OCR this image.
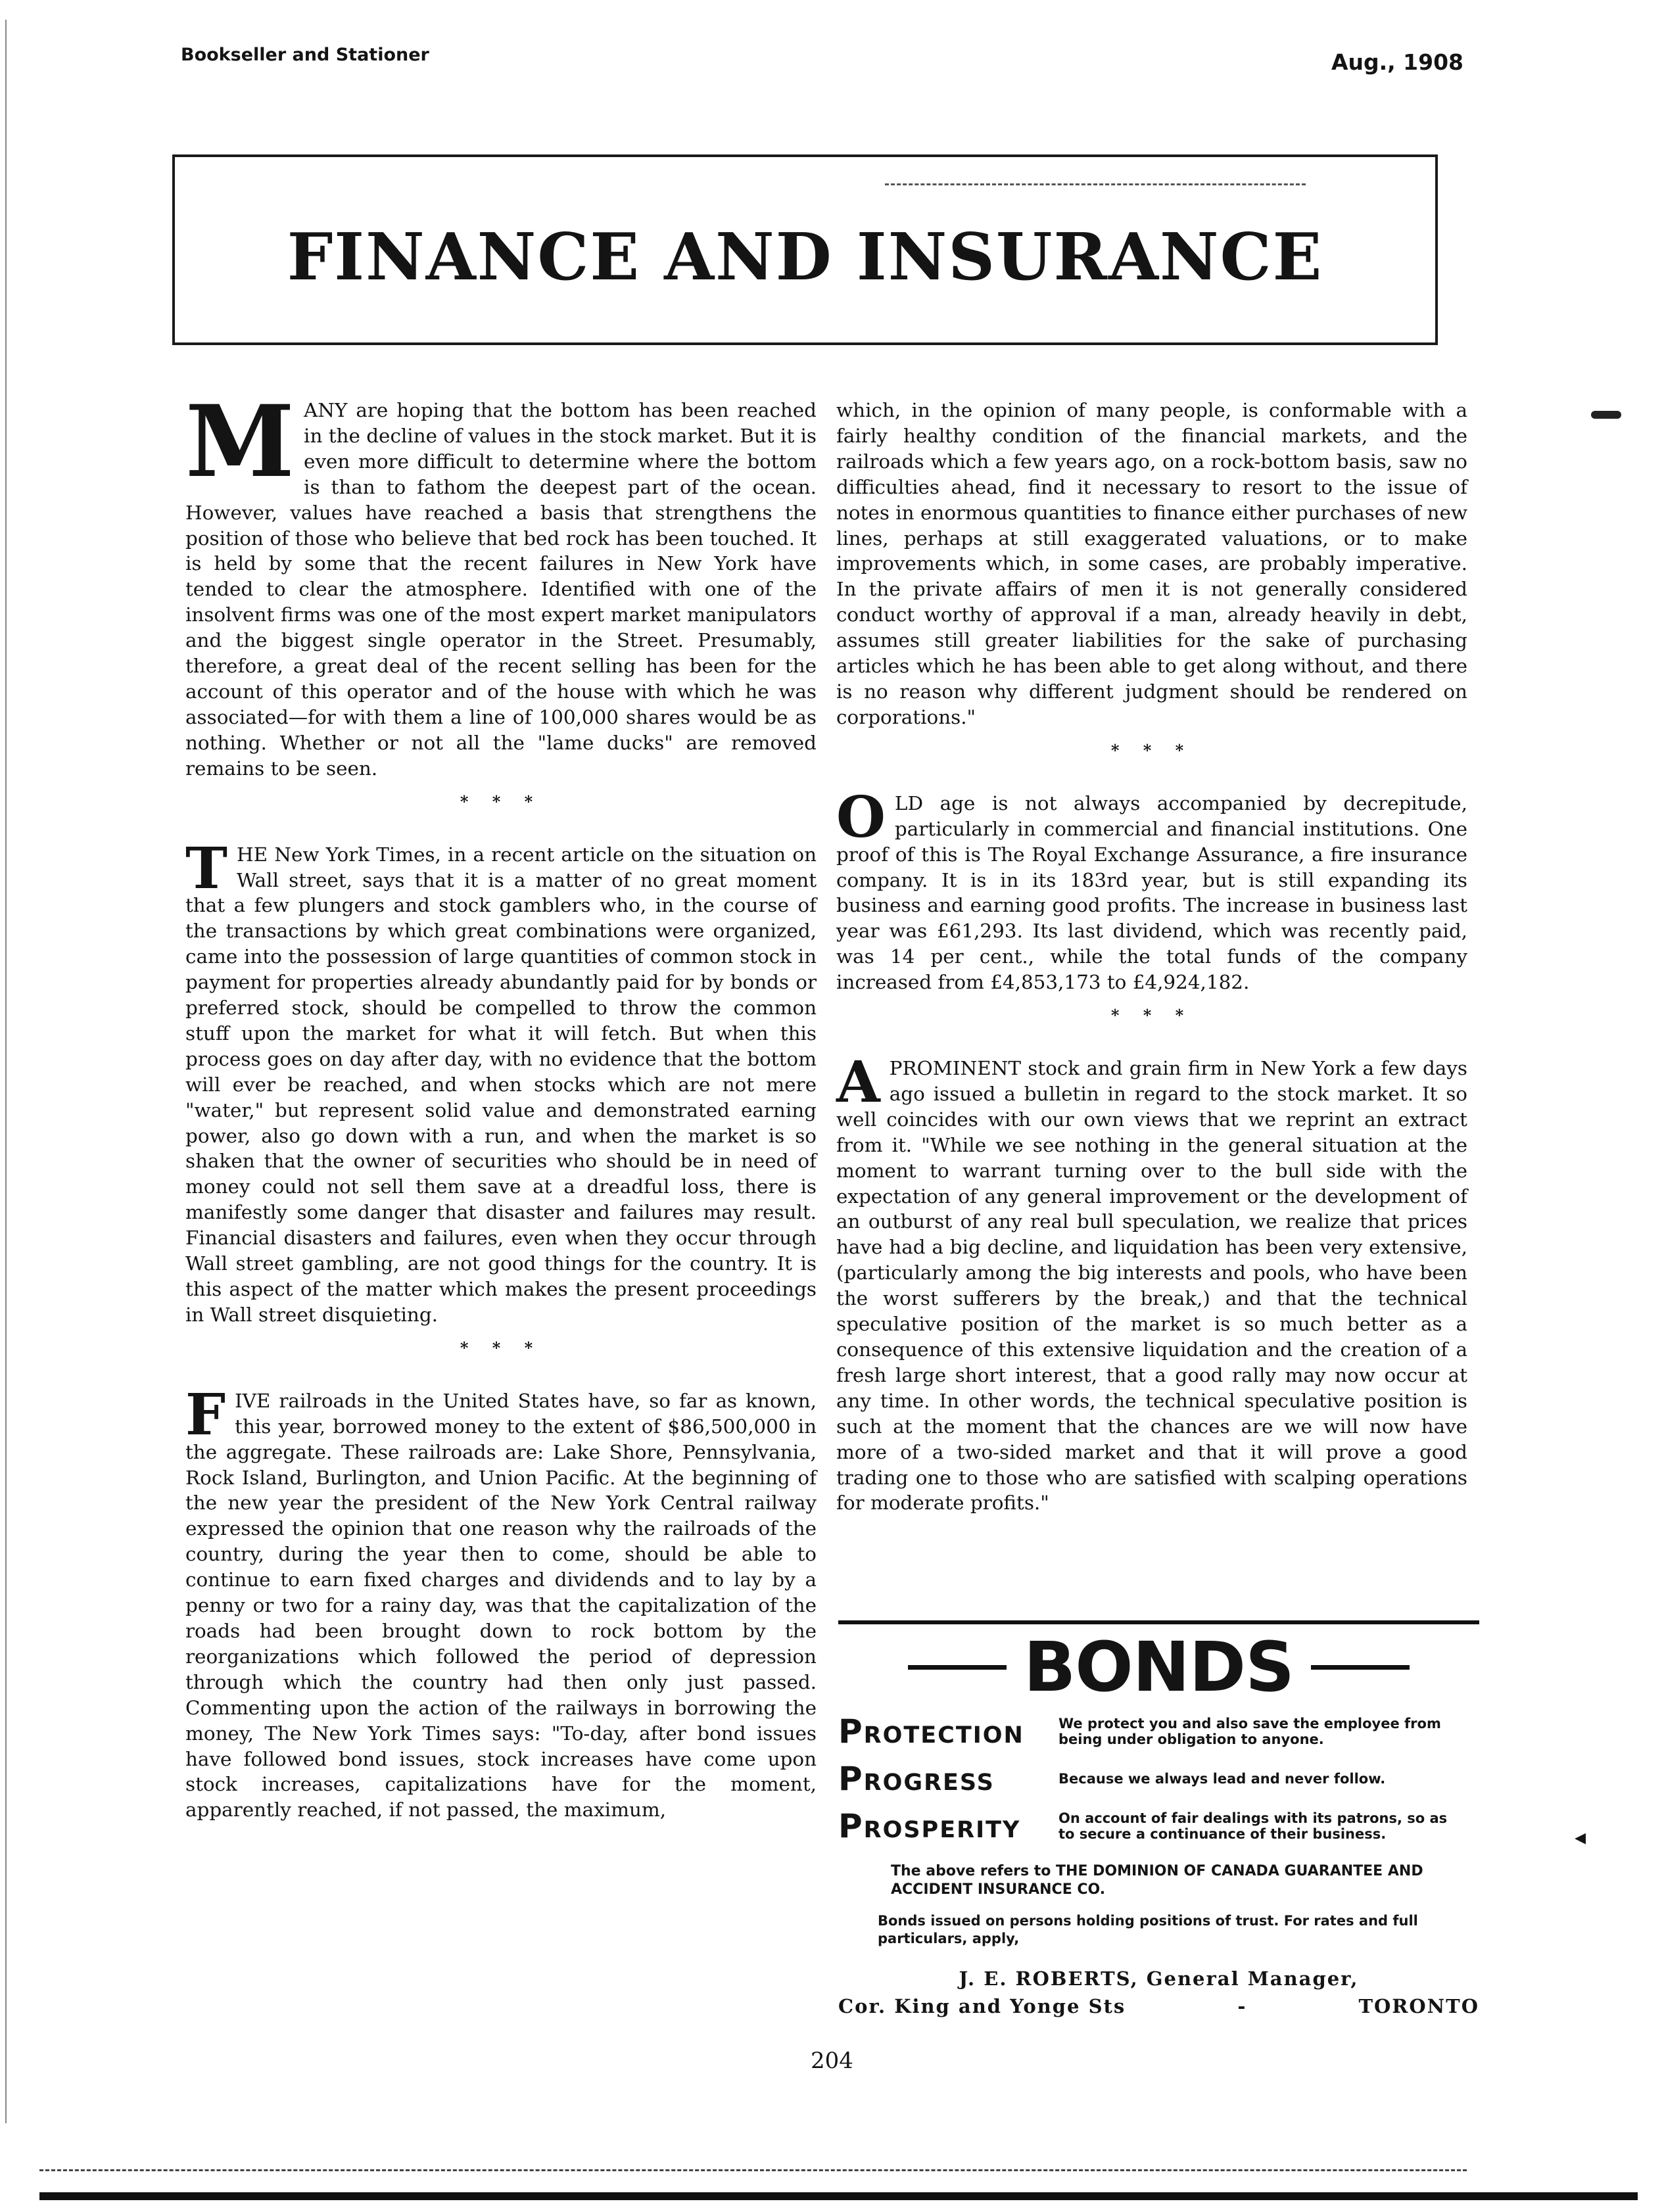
Bookseller and Stationer	Aug., 1908
FINANCE AND INSURANCE

M ANY are hoping that the bottom has been reached in the decline of values in the stock market. But it is even more difficult to determine where the bottom is than to fathom the deepest part of the ocean. However, values have reached a basis that strengthens the position of those who believe that bed rock has been touched. It is held by some that the recent failures in New York have tended to clear the atmosphere. Identified with one of the insolvent firms was one of the most expert market manipulators and the biggest single operator in the Street. Presumably, therefore, a great deal of the recent selling has been for the account of this operator and of the house with which he was associated—for with them a line of 100,000 shares would be as nothing. Whether or not all the "lame ducks" are removed remains to be seen.

* * *

T HE New York Times, in a recent article on the situation on Wall street, says that it is a matter of no great moment that a few plungers and stock gamblers who, in the course of the transactions by which great combinations were organized, came into the possession of large quantities of common stock in payment for properties already abundantly paid for by bonds or preferred stock, should be compelled to throw the common stuff upon the market for what it will fetch. But when this process goes on day after day, with no evidence that the bottom will ever be reached, and when stocks which are not mere "water," but represent solid value and demonstrated earning power, also go down with a run, and when the market is so shaken that the owner of securities who should be in need of money could not sell them save at a dreadful loss, there is manifestly some danger that disaster and failures may result. Financial disasters and failures, even when they occur through Wall street gambling, are not good things for the country. It is this aspect of the matter which makes the present proceedings in Wall street disquieting.

* * *

F IVE railroads in the United States have, so far as known, this year, borrowed money to the extent of $86,500,000 in the aggregate. These railroads are: Lake Shore, Pennsylvania, Rock Island, Burlington, and Union Pacific. At the beginning of the new year the president of the New York Central railway expressed the opinion that one reason why the railroads of the country, during the year then to come, should be able to continue to earn fixed charges and dividends and to lay by a penny or two for a rainy day, was that the capitalization of the roads had been brought down to rock bottom by the reorganizations which followed the period of depression through which the country had then only just passed. Commenting upon the action of the railways in borrowing the money, The New York Times says: "To-day, after bond issues have followed bond issues, stock increases have come upon stock increases, capitalizations have for the moment, apparently reached, if not passed, the maximum,

which, in the opinion of many people, is conformable with a fairly healthy condition of the financial markets, and the railroads which a few years ago, on a rock-bottom basis, saw no difficulties ahead, find it necessary to resort to the issue of notes in enormous quantities to finance either purchases of new lines, perhaps at still exaggerated valuations, or to make improvements which, in some cases, are probably imperative. In the private affairs of men it is not generally considered conduct worthy of approval if a man, already heavily in debt, assumes still greater liabilities for the sake of purchasing articles which he has been able to get along without, and there is no reason why different judgment should be rendered on corporations."

* * *

O LD age is not always accompanied by decrepitude, particularly in commercial and financial institutions. One proof of this is The Royal Exchange Assurance, a fire insurance company. It is in its 183rd year, but is still expanding its business and earning good profits. The increase in business last year was £61,293. Its last dividend, which was recently paid, was 14 per cent., while the total funds of the company increased from £4,853,173 to £4,924,182.

* * *

A PROMINENT stock and grain firm in New York a few days ago issued a bulletin in regard to the stock market. It so well coincides with our own views that we reprint an extract from it. "While we see nothing in the general situation at the moment to warrant turning over to the bull side with the expectation of any general improvement or the development of an outburst of any real bull speculation, we realize that prices have had a big decline, and liquidation has been very extensive, (particularly among the big interests and pools, who have been the worst sufferers by the break,) and that the technical speculative position of the market is so much better as a consequence of this extensive liquidation and the creation of a fresh large short interest, that a good rally may now occur at any time. In other words, the technical speculative position is such at the moment that the chances are we will now have more of a two-sided market and that it will prove a good trading one to those who are satisfied with scalping operations for moderate profits."

BONDS
Protection	We protect you and also save the employee from being under obligation to anyone.
Progress	Because we always lead and never follow.
Prosperity	On account of fair dealings with its patrons, so as to secure a continuance of their business.
The above refers to THE DOMINION OF CANADA GUARANTEE AND ACCIDENT INSURANCE CO.
Bonds issued on persons holding positions of trust. For rates and full particulars, apply,
J. E. ROBERTS, General Manager,
Cor. King and Yonge Sts	-	TORONTO
◂
204
